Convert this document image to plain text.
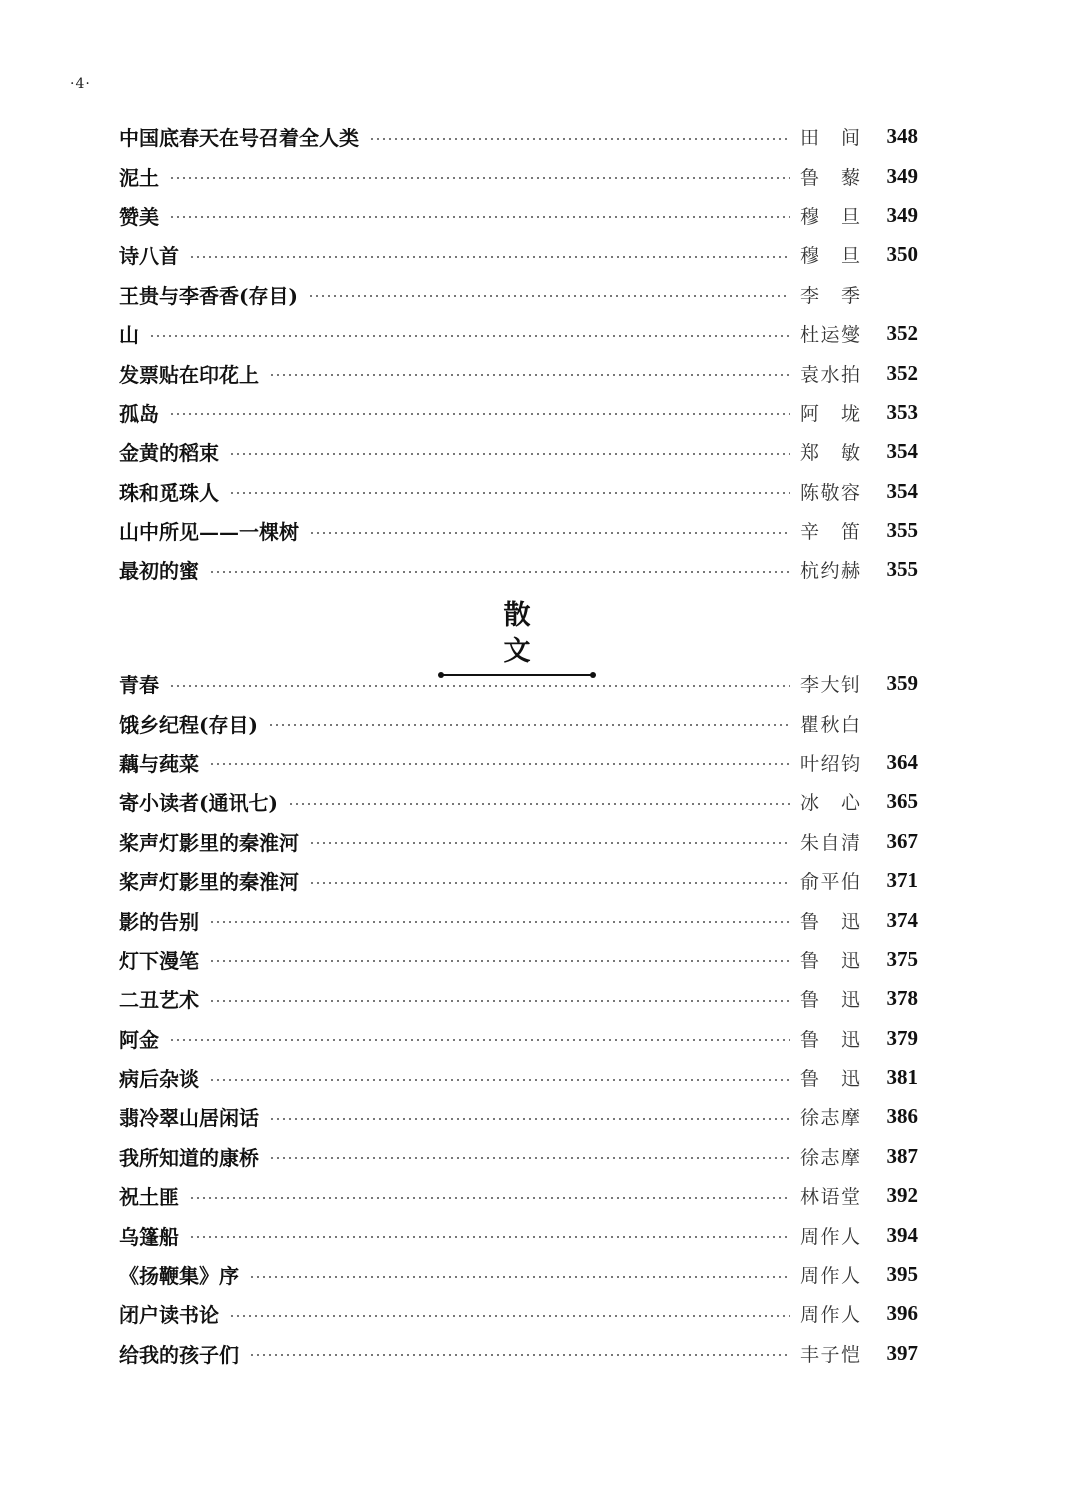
·4·
中国底春天在号召着全人类	田　间	348
泥土	鲁　藜	349
赞美	穆　旦	349
诗八首	穆　旦	350
王贵与李香香(存目)	李　季
山	杜运燮	352
发票贴在印花上	袁水拍	352
孤岛	阿　垅	353
金黄的稻束	郑　敏	354
珠和觅珠人	陈敬容	354
山中所见——一棵树	辛　笛	355
最初的蜜	杭约赫	355
散 文
青春	李大钊	359
饿乡纪程(存目)	瞿秋白
藕与莼菜	叶绍钧	364
寄小读者(通讯七)	冰　心	365
桨声灯影里的秦淮河	朱自清	367
桨声灯影里的秦淮河	俞平伯	371
影的告别	鲁　迅	374
灯下漫笔	鲁　迅	375
二丑艺术	鲁　迅	378
阿金	鲁　迅	379
病后杂谈	鲁　迅	381
翡冷翠山居闲话	徐志摩	386
我所知道的康桥	徐志摩	387
祝土匪	林语堂	392
乌篷船	周作人	394
《扬鞭集》序	周作人	395
闭户读书论	周作人	396
给我的孩子们	丰子恺	397
